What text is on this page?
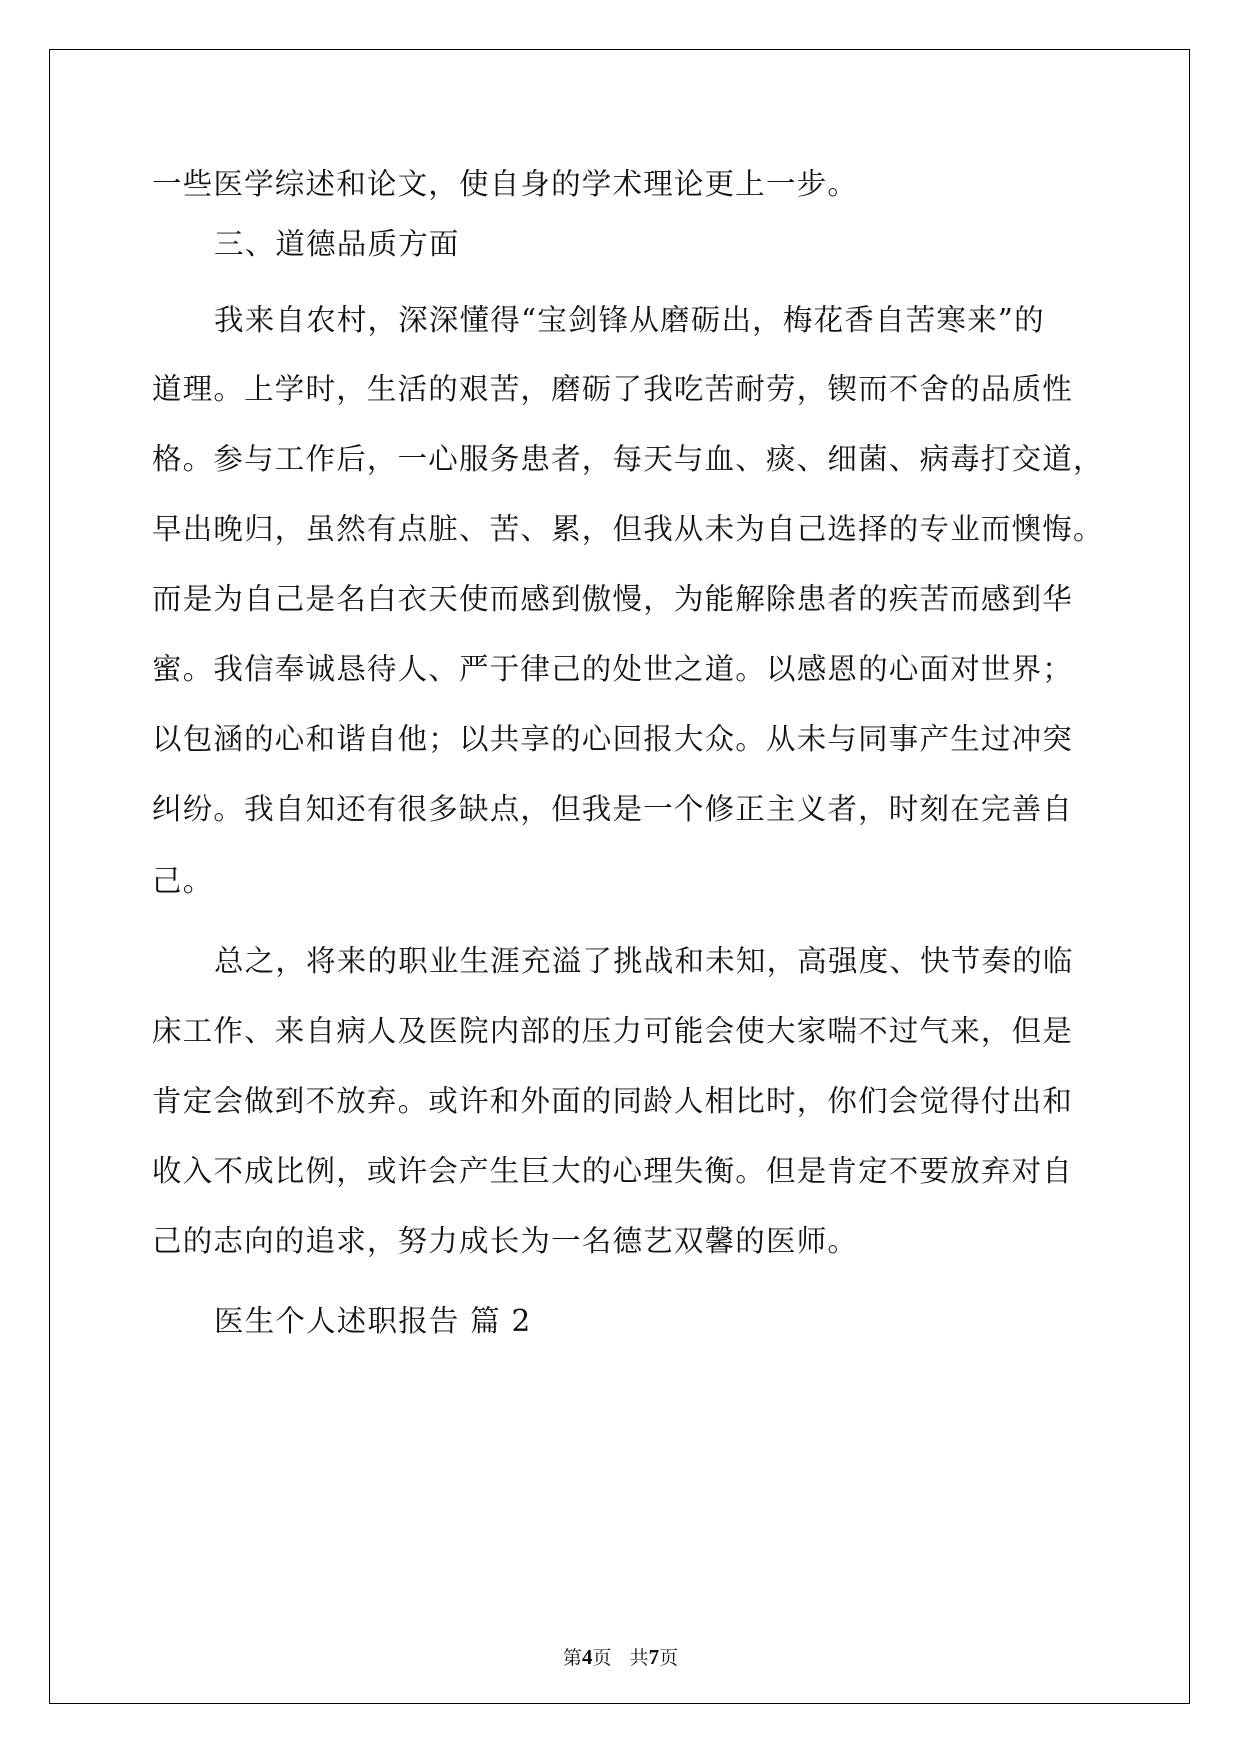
一些医学综述和论文，使自身的学术理论更上一步。
三、道德品质方面
我来自农村，深深懂得“宝剑锋从磨砺出，梅花香自苦寒来”的
道理。上学时，生活的艰苦，磨砺了我吃苦耐劳，锲而不舍的品质性
格。参与工作后，一心服务患者，每天与血、痰、细菌、病毒打交道，
早出晚归，虽然有点脏、苦、累，但我从未为自己选择的专业而懊悔。
而是为自己是名白衣天使而感到傲慢，为能解除患者的疾苦而感到华
蜜。我信奉诚恳待人、严于律己的处世之道。以感恩的心面对世界；
以包涵的心和谐自他；以共享的心回报大众。从未与同事产生过冲突
纠纷。我自知还有很多缺点，但我是一个修正主义者，时刻在完善自
己。
总之，将来的职业生涯充溢了挑战和未知，高强度、快节奏的临
床工作、来自病人及医院内部的压力可能会使大家喘不过气来，但是
肯定会做到不放弃。或许和外面的同龄人相比时，你们会觉得付出和
收入不成比例，或许会产生巨大的心理失衡。但是肯定不要放弃对自
己的志向的追求，努力成长为一名德艺双馨的医师。
医生个人述职报告 篇 2
第4页   共7页
